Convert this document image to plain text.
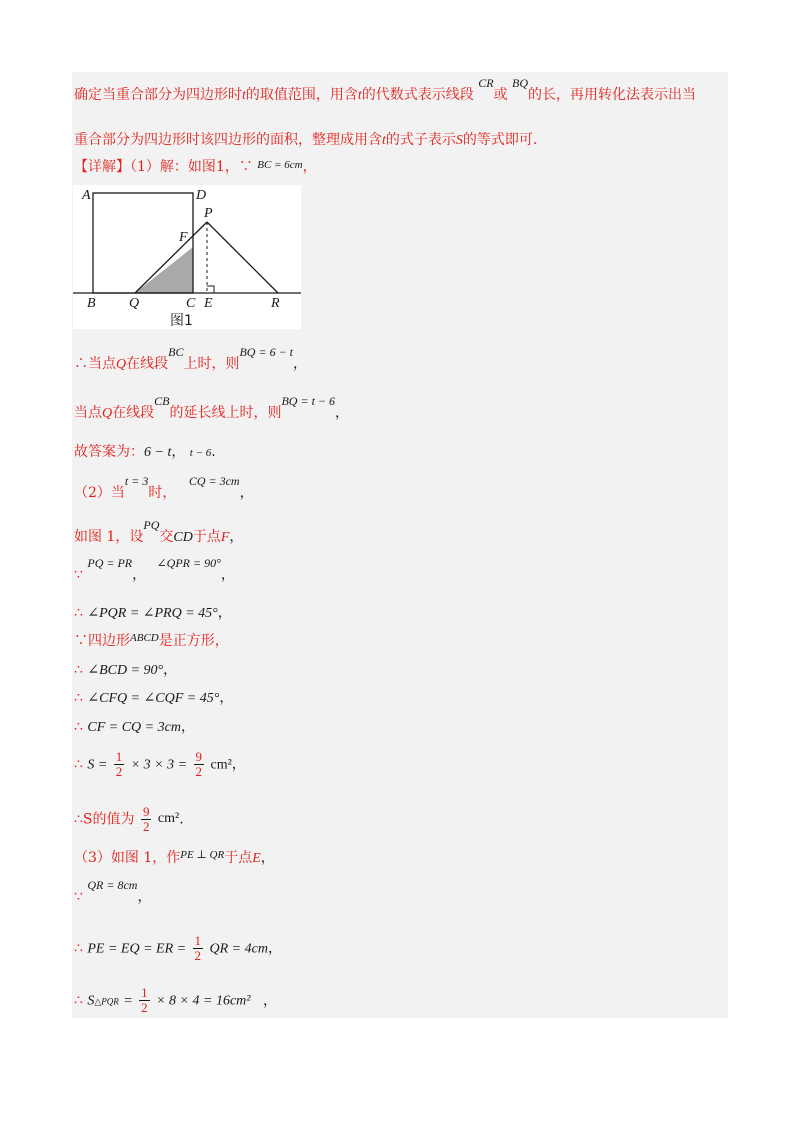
确定当重合部分为四边形时t的取值范围，用含t的代数式表示线段 CR或 BQ的长，再用转化法表示出当
重合部分为四边形时该四边形的面积，整理成用含t的式子表示S的等式即可.
【详解】（1）解：如图1，∵ $^{BC = 6cm}$，
A	D
P
F
B Q	C E	R
图1
∴当点Q在线段BC上时，则BQ = 6 − t，
当点Q在线段CB的延长线上时，则BQ = t − 6，
故答案为：6 − t， t − 6.
（2）当t = 3时， CQ = 3cm，
如图 1，设PQ交CD于点F，
∵ PQ = PR， ∠QPR = 90°，
∴ ∠PQR = ∠PRQ = 45°，
∵四边形$^{ABCD}$是正方形，
∴ ∠BCD = 90°，
∴ ∠CFQ = ∠CQF = 45°，
∴ CF = CQ = 3cm，
∴ $S = \frac{1}{2} \times 3 \times 3 = \frac{9}{2} cm^2$，
∴S的值为 $\frac{9}{2} cm^2$.
（3）如图 1，作$^{PE \perp QR}$于点E，
∵ QR = 8cm，
∴ PE = EQ = ER = $\frac{1}{2}$ QR = 4cm，
∴ S△PQR = $\frac{1}{2} \times 8 \times 4 = 16cm^2$ ，
